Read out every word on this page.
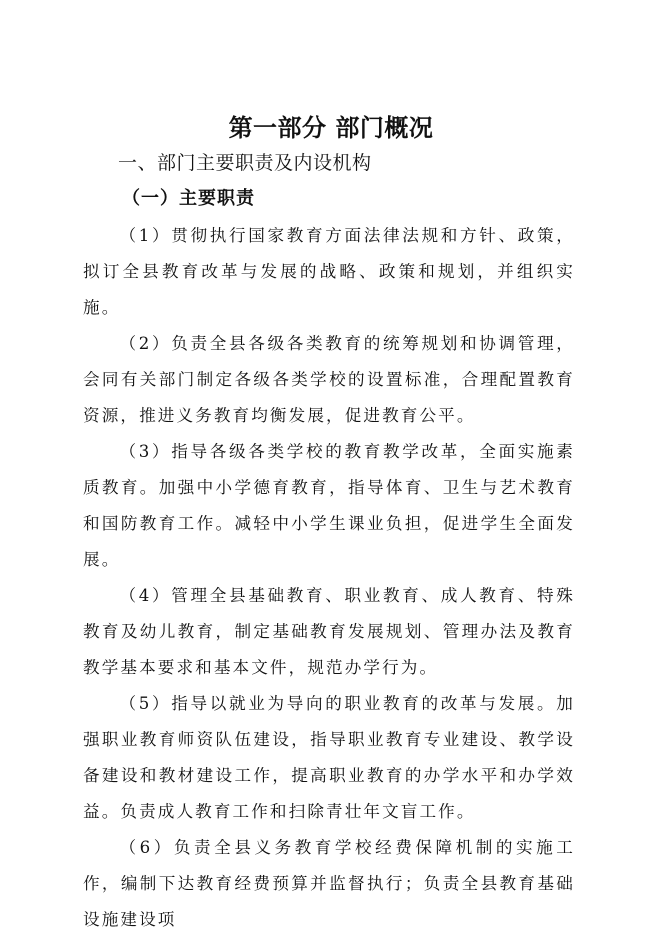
第一部分 部门概况
一、部门主要职责及内设机构
（一）主要职责

（1）贯彻执行国家教育方面法律法规和方针、政策，拟订全县教育改革与发展的战略、政策和规划，并组织实施。

（2）负责全县各级各类教育的统筹规划和协调管理，会同有关部门制定各级各类学校的设置标准，合理配置教育资源，推进义务教育均衡发展，促进教育公平。

（3）指导各级各类学校的教育教学改革，全面实施素质教育。加强中小学德育教育，指导体育、卫生与艺术教育和国防教育工作。减轻中小学生课业负担，促进学生全面发展。

（4）管理全县基础教育、职业教育、成人教育、特殊教育及幼儿教育，制定基础教育发展规划、管理办法及教育教学基本要求和基本文件，规范办学行为。

（5）指导以就业为导向的职业教育的改革与发展。加强职业教育师资队伍建设，指导职业教育专业建设、教学设备建设和教材建设工作，提高职业教育的办学水平和办学效益。负责成人教育工作和扫除青壮年文盲工作。

（6）负责全县义务教育学校经费保障机制的实施工作，编制下达教育经费预算并监督执行；负责全县教育基础设施建设项
